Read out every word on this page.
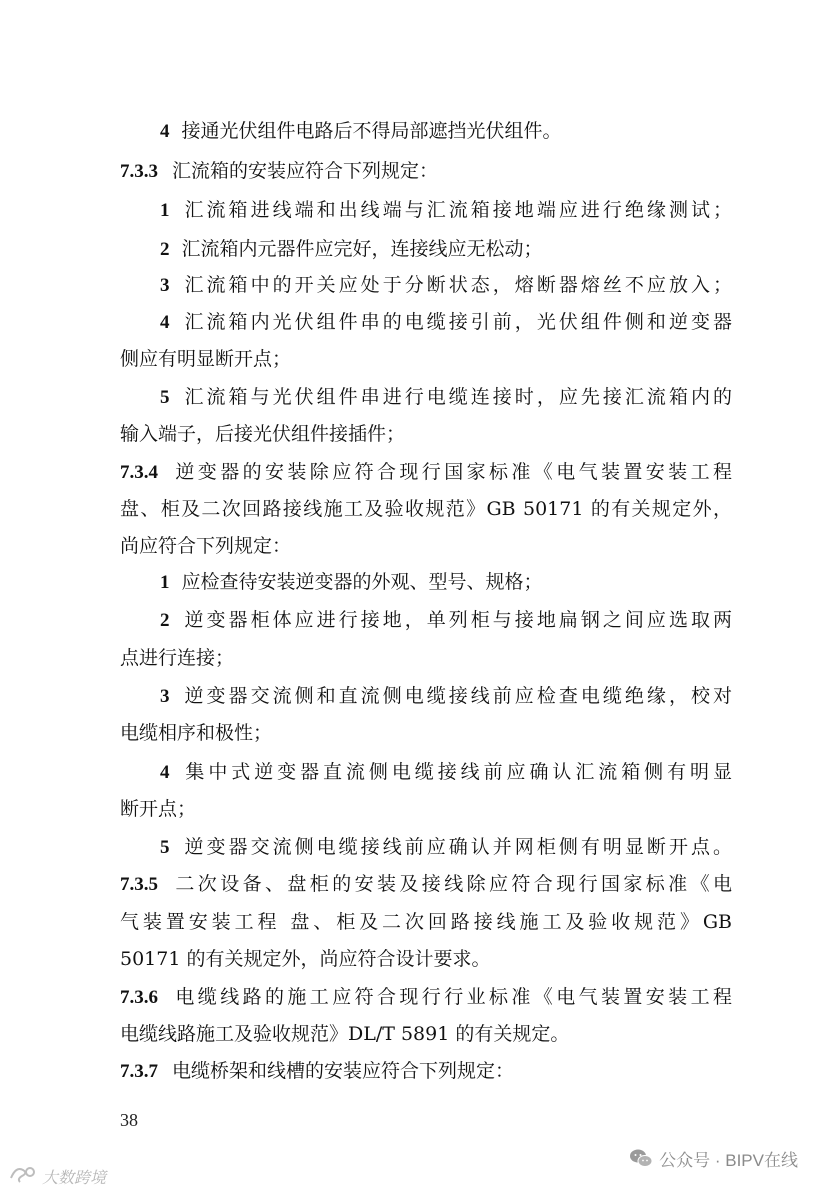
4 接通光伏组件电路后不得局部遮挡光伏组件。
7.3.3 汇流箱的安装应符合下列规定：
1 汇流箱进线端和出线端与汇流箱接地端应进行绝缘测试；
2 汇流箱内元器件应完好，连接线应无松动；
3 汇流箱中的开关应处于分断状态，熔断器熔丝不应放入；
4 汇流箱内光伏组件串的电缆接引前，光伏组件侧和逆变器
侧应有明显断开点；
5 汇流箱与光伏组件串进行电缆连接时，应先接汇流箱内的
输入端子，后接光伏组件接插件；
7.3.4 逆变器的安装除应符合现行国家标准《电气装置安装工程
盘、柜及二次回路接线施工及验收规范》GB 50171 的有关规定外，
尚应符合下列规定：
1 应检查待安装逆变器的外观、型号、规格；
2 逆变器柜体应进行接地，单列柜与接地扁钢之间应选取两
点进行连接；
3 逆变器交流侧和直流侧电缆接线前应检查电缆绝缘，校对
电缆相序和极性；
4 集中式逆变器直流侧电缆接线前应确认汇流箱侧有明显
断开点；
5 逆变器交流侧电缆接线前应确认并网柜侧有明显断开点。
7.3.5 二次设备、盘柜的安装及接线除应符合现行国家标准《电
气装置安装工程 盘、柜及二次回路接线施工及验收规范》GB
50171 的有关规定外，尚应符合设计要求。
7.3.6 电缆线路的施工应符合现行行业标准《电气装置安装工程
电缆线路施工及验收规范》DL/T 5891 的有关规定。
7.3.7 电缆桥架和线槽的安装应符合下列规定：
38
公众号 · BIPV在线
大数跨境
